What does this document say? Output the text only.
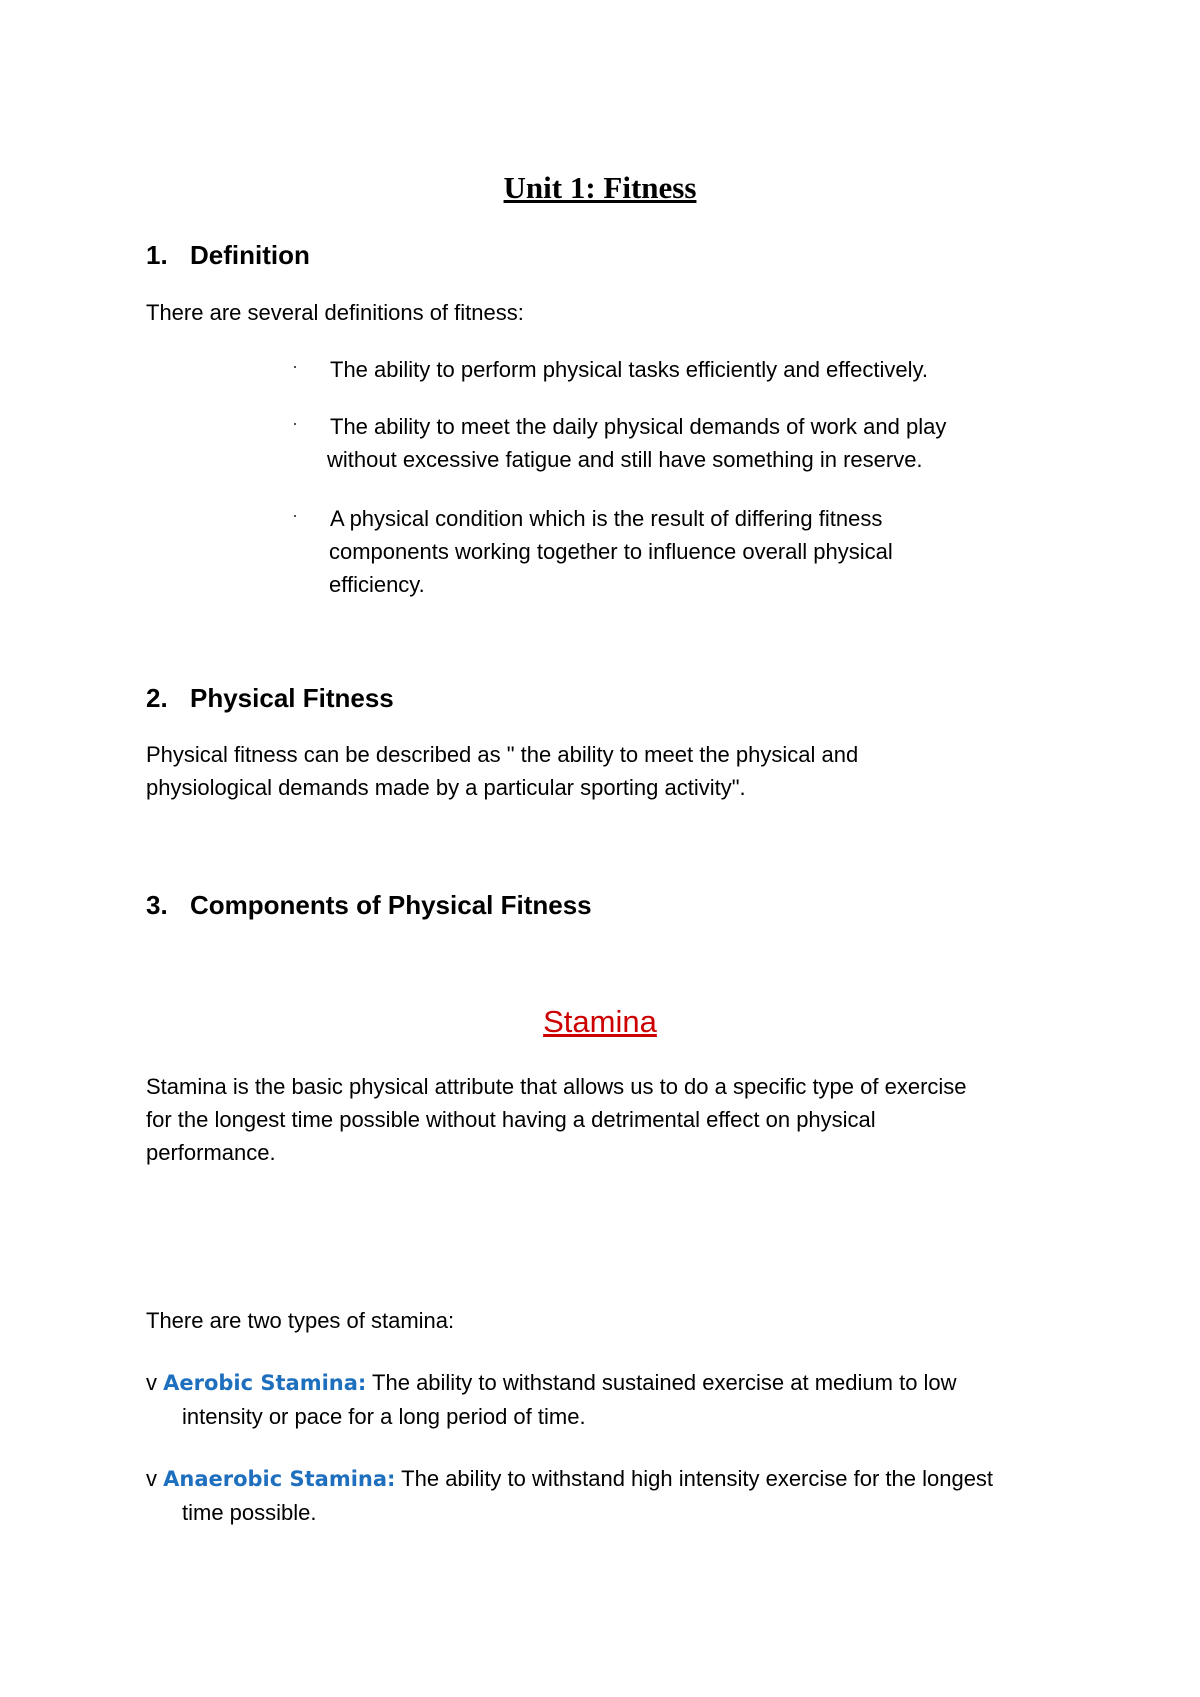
Unit 1: Fitness
1. Definition
There are several definitions of fitness:
· The ability to perform physical tasks efficiently and effectively.
· The ability to meet the daily physical demands of work and play
without excessive fatigue and still have something in reserve.
· A physical condition which is the result of differing fitness
components working together to influence overall physical
efficiency.
2. Physical Fitness
Physical fitness can be described as " the ability to meet the physical and
physiological demands made by a particular sporting activity".
3. Components of Physical Fitness
Stamina
Stamina is the basic physical attribute that allows us to do a specific type of exercise
for the longest time possible without having a detrimental effect on physical
performance.
There are two types of stamina:
v Aerobic Stamina: The ability to withstand sustained exercise at medium to low
intensity or pace for a long period of time.
v Anaerobic Stamina: The ability to withstand high intensity exercise for the longest
time possible.
